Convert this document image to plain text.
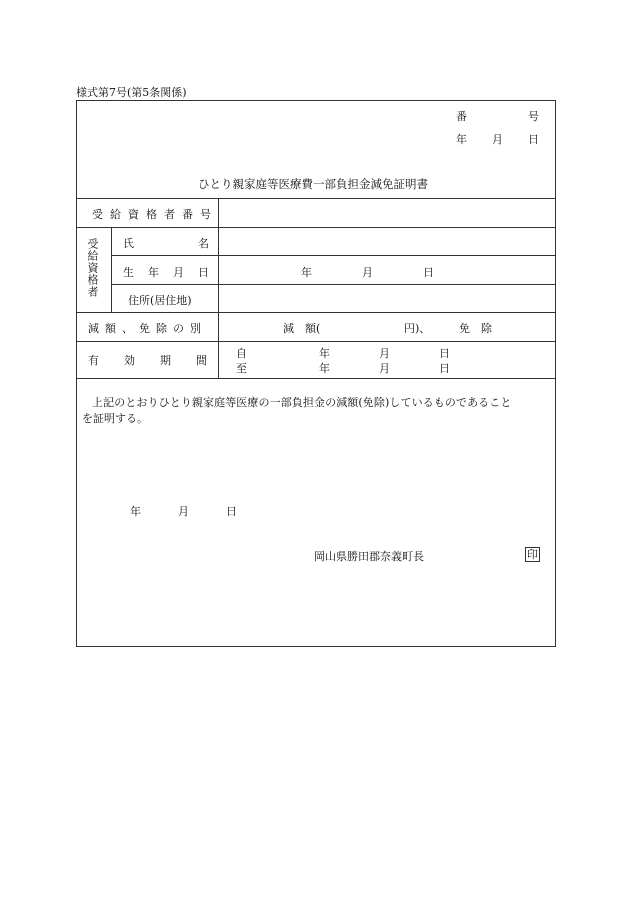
様式第7号(第5条関係)
番	号
年 月 日
ひとり親家庭等医療費一部負担金減免証明書
受給資格者番号
受給資格者 氏	名
生 年 月 日	年	月	日
住所(居住地)
減額、免除の別	減　額(	円)、	免　除
有 効 期 間
自	年	月	日
至	年	月	日
上記のとおりひとり親家庭等医療の一部負担金の減額(免除)しているものであること
を証明する。
年	月	日
岡山県勝田郡奈義町長	印
